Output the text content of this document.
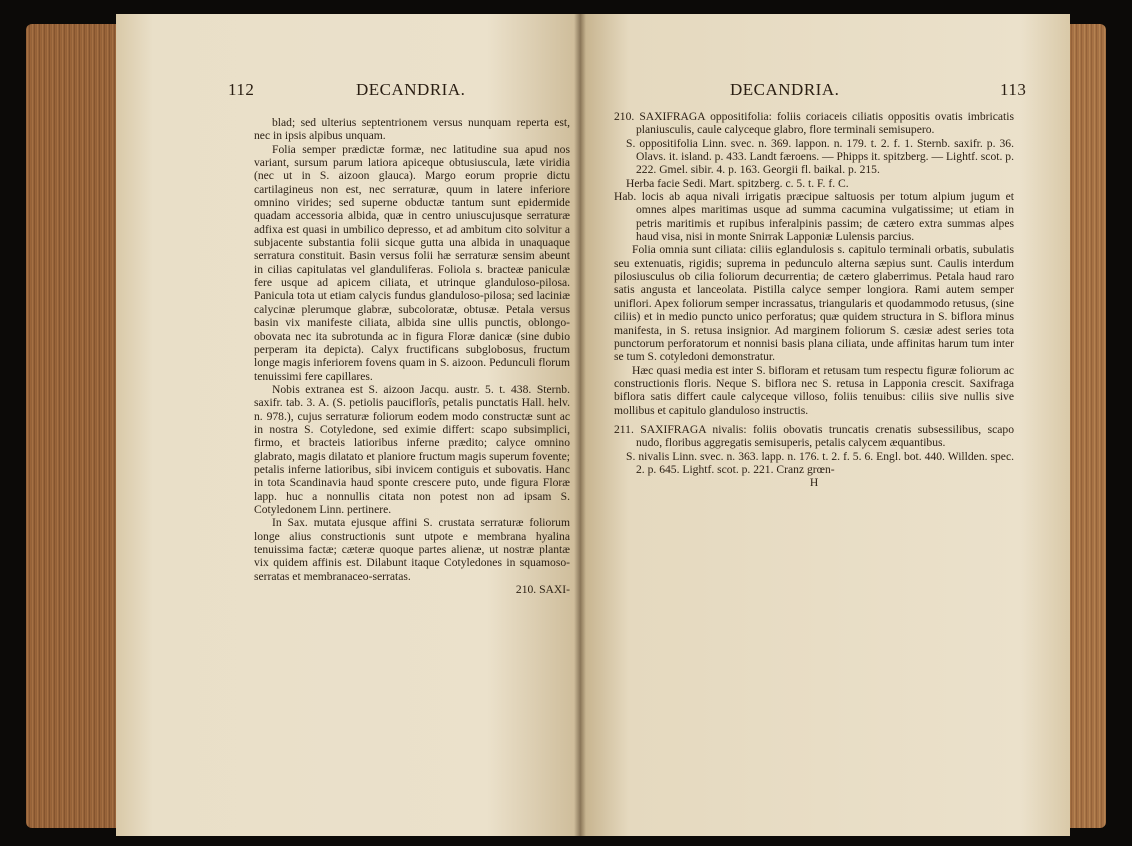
112	DECANDRIA.

blad; sed ulterius septentrionem versus nunquam reperta est, nec in ipsis alpibus unquam.

Folia semper prædictæ formæ, nec latitudine sua apud nos variant, sursum parum latiora apiceque obtusiuscula, læte viridia (nec ut in S. aizoon glauca). Margo eorum proprie dictu cartilagineus non est, nec serraturæ, quum in latere inferiore omnino virides; sed superne obductæ tantum sunt epidermide quadam accessoria albida, quæ in centro uniuscujusque serraturæ adfixa est quasi in umbilico depresso, et ad ambitum cito solvitur a subjacente substantia folii sicque gutta una albida in unaquaque serratura constituit. Basin versus folii hæ serraturæ sensim abeunt in cilias capitulatas vel glanduliferas. Foliola s. bracteæ paniculæ fere usque ad apicem ciliata, et utrinque glanduloso-pilosa. Panicula tota ut etiam calycis fundus glanduloso-pilosa; sed laciniæ calycinæ plerumque glabræ, subcoloratæ, obtusæ. Petala versus basin vix manifeste ciliata, albida sine ullis punctis, oblongo-obovata nec ita subrotunda ac in figura Floræ danicæ (sine dubio perperam ita depicta). Calyx fructificans subglobosus, fructum longe magis inferiorem fovens quam in S. aizoon. Pedunculi florum tenuissimi fere capillares.

Nobis extranea est S. aizoon Jacqu. austr. 5. t. 438. Sternb. saxifr. tab. 3. A. (S. petiolis pauciflorîs, petalis punctatis Hall. helv. n. 978.), cujus serraturæ foliorum eodem modo constructæ sunt ac in nostra S. Cotyledone, sed eximie differt: scapo subsimplici, firmo, et bracteis latioribus inferne prædito; calyce omnino glabrato, magis dilatato et planiore fructum magis superum fovente; petalis inferne latioribus, sibi invicem contiguis et subovatis. Hanc in tota Scandinavia haud sponte crescere puto, unde figura Floræ lapp. huc a nonnullis citata non potest non ad ipsam S. Cotyledonem Linn. pertinere.

In Sax. mutata ejusque affini S. crustata serraturæ foliorum longe alius constructionis sunt utpote e membrana hyalina tenuissima factæ; cæteræ quoque partes alienæ, ut nostræ plantæ vix quidem affinis est. Dilabunt itaque Cotyledones in squamoso-serratas et membranaceo-serratas.

210. SAXI-

DECANDRIA.	113

210. SAXIFRAGA oppositifolia: foliis coriaceis ciliatis oppositis ovatis imbricatis planiusculis, caule calyceque glabro, flore terminali semisupero.

S. oppositifolia Linn. svec. n. 369. lappon. n. 179. t. 2. f. 1. Sternb. saxifr. p. 36. Olavs. it. island. p. 433. Landt færoens. — Phipps it. spitzberg. — Lightf. scot. p. 222. Gmel. sibir. 4. p. 163. Georgii fl. baikal. p. 215.

Herba facie Sedi. Mart. spitzberg. c. 5. t. F. f. C.

Hab. locis ab aqua nivali irrigatis præcipue saltuosis per totum alpium jugum et omnes alpes maritimas usque ad summa cacumina vulgatissime; ut etiam in petris maritimis et rupibus inferalpinis passim; de cætero extra summas alpes haud visa, nisi in monte Snirrak Lapponiæ Lulensis parcius.

Folia omnia sunt ciliata: ciliis eglandulosis s. capitulo terminali orbatis, subulatis seu extenuatis, rigidis; suprema in pedunculo alterna sæpius sunt. Caulis interdum pilosiusculus ob cilia foliorum decurrentia; de cætero glaberrimus. Petala haud raro satis angusta et lanceolata. Pistilla calyce semper longiora. Rami autem semper uniflori. Apex foliorum semper incrassatus, triangularis et quodammodo retusus, (sine ciliis) et in medio puncto unico perforatus; quæ quidem structura in S. biflora minus manifesta, in S. retusa insignior. Ad marginem foliorum S. cæsiæ adest series tota punctorum perforatorum et nonnisi basis plana ciliata, unde affinitas harum tum inter se tum S. cotyledoni demonstratur.

Hæc quasi media est inter S. bifloram et retusam tum respectu figuræ foliorum ac constructionis floris. Neque S. biflora nec S. retusa in Lapponia crescit. Saxifraga biflora satis differt caule calyceque villoso, foliis tenuibus: ciliis sive nullis sive mollibus et capitulo glanduloso instructis.

211. SAXIFRAGA nivalis: foliis obovatis truncatis crenatis subsessilibus, scapo nudo, floribus aggregatis semisuperis, petalis calycem æquantibus.

S. nivalis Linn. svec. n. 363. lapp. n. 176. t. 2. f. 5. 6. Engl. bot. 440. Willden. spec. 2. p. 645. Lightf. scot. p. 221. Cranz grœn-

H
